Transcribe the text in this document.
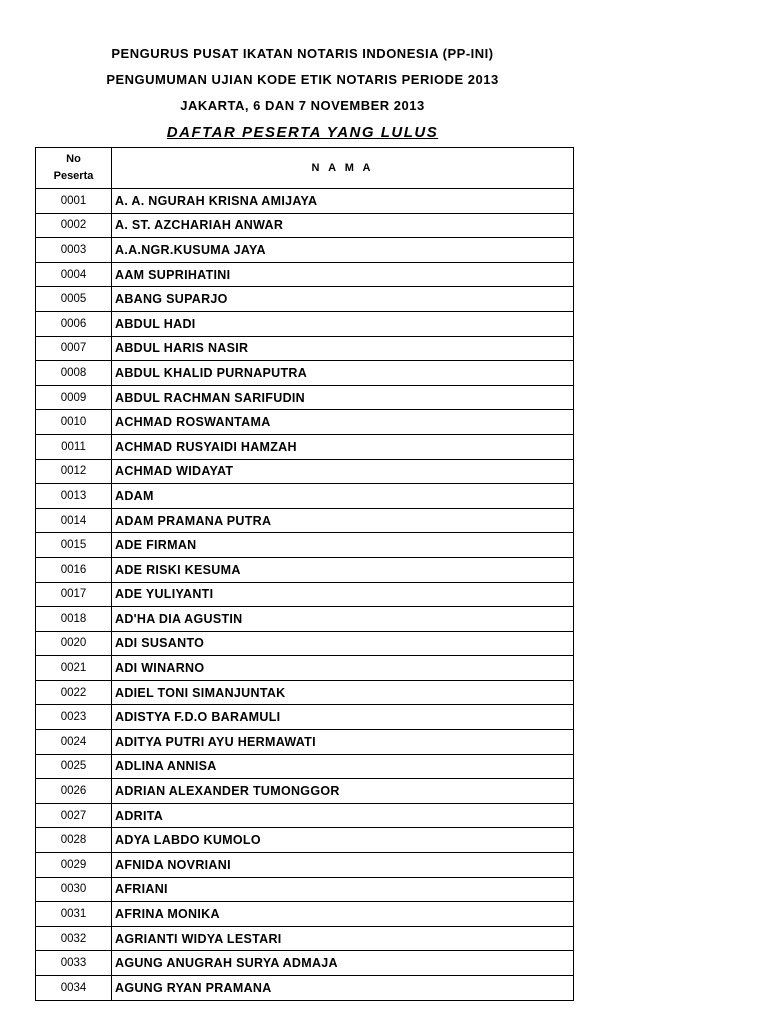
PENGURUS PUSAT IKATAN NOTARIS INDONESIA (PP-INI)
PENGUMUMAN UJIAN KODE ETIK NOTARIS PERIODE 2013
JAKARTA, 6 DAN 7 NOVEMBER 2013
DAFTAR PESERTA YANG LULUS
No
Peserta	N A M A
0001	A. A. NGURAH KRISNA AMIJAYA
0002	A. ST. AZCHARIAH ANWAR
0003	A.A.NGR.KUSUMA JAYA
0004	AAM SUPRIHATINI
0005	ABANG SUPARJO
0006	ABDUL HADI
0007	ABDUL HARIS NASIR
0008	ABDUL KHALID PURNAPUTRA
0009	ABDUL RACHMAN SARIFUDIN
0010	ACHMAD ROSWANTAMA
0011	ACHMAD RUSYAIDI HAMZAH
0012	ACHMAD WIDAYAT
0013	ADAM
0014	ADAM PRAMANA PUTRA
0015	ADE FIRMAN
0016	ADE RISKI KESUMA
0017	ADE YULIYANTI
0018	AD'HA DIA AGUSTIN
0020	ADI SUSANTO
0021	ADI WINARNO
0022	ADIEL TONI SIMANJUNTAK
0023	ADISTYA F.D.O BARAMULI
0024	ADITYA PUTRI AYU HERMAWATI
0025	ADLINA ANNISA
0026	ADRIAN ALEXANDER TUMONGGOR
0027	ADRITA
0028	ADYA LABDO KUMOLO
0029	AFNIDA NOVRIANI
0030	AFRIANI
0031	AFRINA MONIKA
0032	AGRIANTI WIDYA LESTARI
0033	AGUNG ANUGRAH SURYA ADMAJA
0034	AGUNG RYAN PRAMANA
